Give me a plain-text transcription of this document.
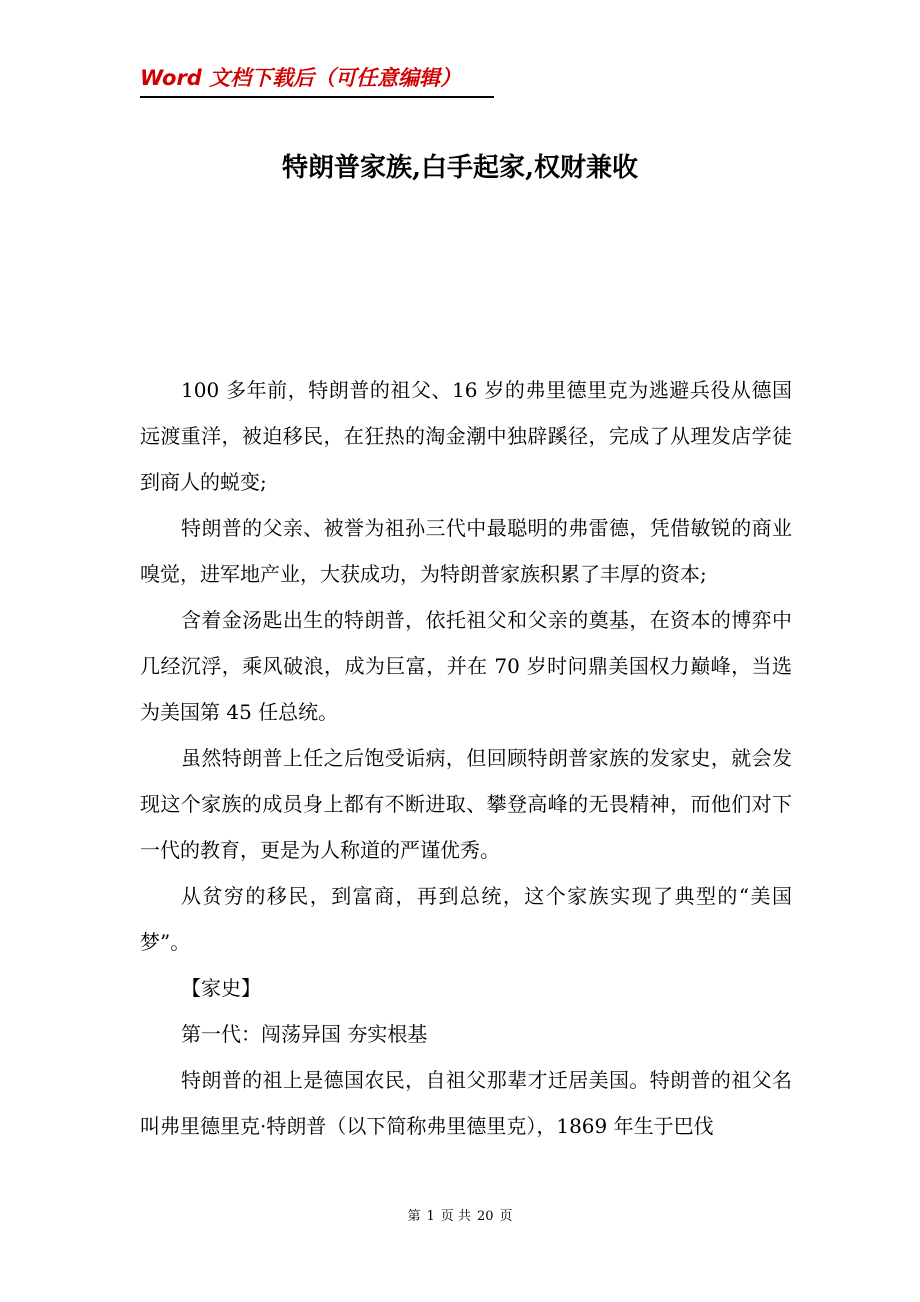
Word 文档下载后（可任意编辑）
特朗普家族,白手起家,权财兼收

100 多年前，特朗普的祖父、16 岁的弗里德里克为逃避兵役从德国远渡重洋，被迫移民，在狂热的淘金潮中独辟蹊径，完成了从理发店学徒到商人的蜕变;

特朗普的父亲、被誉为祖孙三代中最聪明的弗雷德，凭借敏锐的商业嗅觉，进军地产业，大获成功，为特朗普家族积累了丰厚的资本;

含着金汤匙出生的特朗普，依托祖父和父亲的奠基，在资本的博弈中几经沉浮，乘风破浪，成为巨富，并在 70 岁时问鼎美国权力巅峰，当选为美国第 45 任总统。

虽然特朗普上任之后饱受诟病，但回顾特朗普家族的发家史，就会发现这个家族的成员身上都有不断进取、攀登高峰的无畏精神，而他们对下一代的教育，更是为人称道的严谨优秀。

从贫穷的移民，到富商，再到总统，这个家族实现了典型的“美国梦”。

【家史】

第一代：闯荡异国 夯实根基

特朗普的祖上是德国农民，自祖父那辈才迁居美国。特朗普的祖父名叫弗里德里克·特朗普（以下简称弗里德里克），1869 年生于巴伐

第 1 页 共 20 页
